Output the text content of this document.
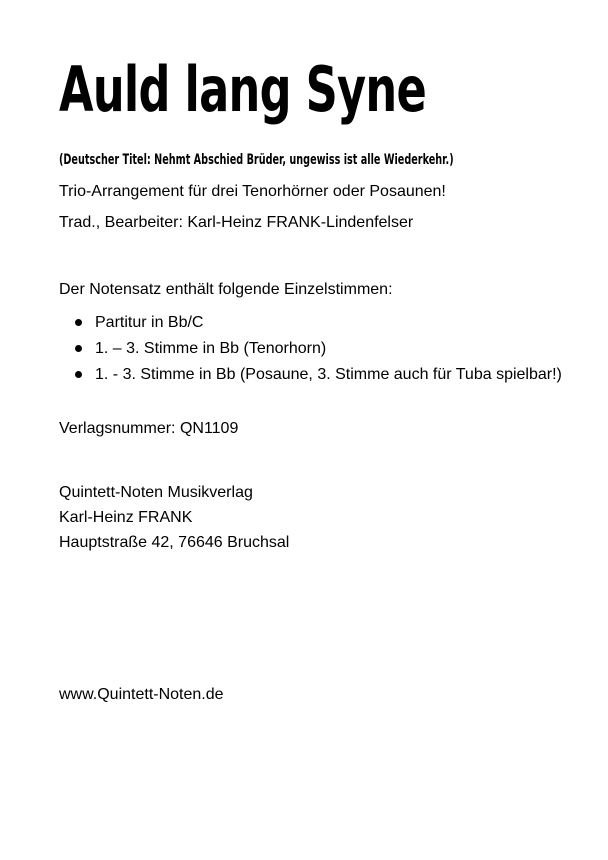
Auld lang Syne
(Deutscher Titel: Nehmt Abschied Brüder, ungewiss ist alle Wiederkehr.)
Trio-Arrangement für drei Tenorhörner oder Posaunen!
Trad., Bearbeiter: Karl-Heinz FRANK-Lindenfelser
Der Notensatz enthält folgende Einzelstimmen:
Partitur in Bb/C
1. – 3. Stimme in Bb (Tenorhorn)
1. - 3. Stimme in Bb (Posaune, 3. Stimme auch für Tuba spielbar!)
Verlagsnummer: QN1109
Quintett-Noten Musikverlag
Karl-Heinz FRANK
Hauptstraße 42, 76646 Bruchsal
www.Quintett-Noten.de
